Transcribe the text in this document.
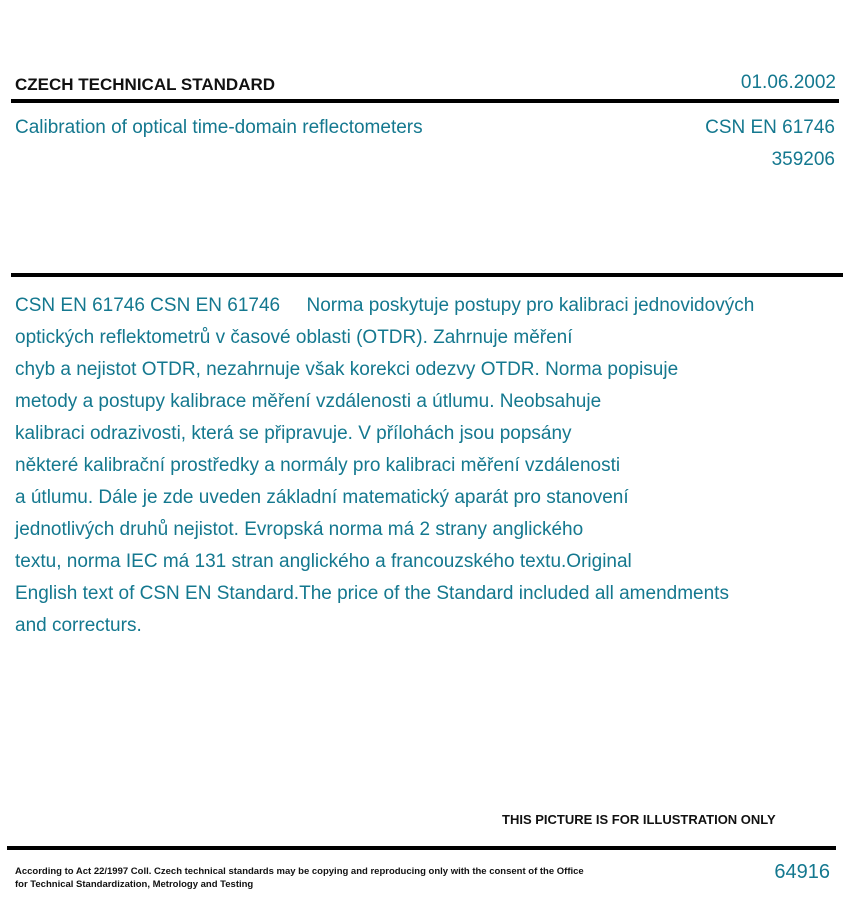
CZECH TECHNICAL STANDARD	01.06.2002
Calibration of optical time-domain reflectometers	CSN EN 61746
359206
CSN EN 61746 CSN EN 61746     Norma poskytuje postupy pro kalibraci jednovidových
optických reflektometrů v časové oblasti (OTDR). Zahrnuje měření
chyb a nejistot OTDR, nezahrnuje však korekci odezvy OTDR. Norma popisuje
metody a postupy kalibrace měření vzdálenosti a útlumu. Neobsahuje
kalibraci odrazivosti, která se připravuje. V přílohách jsou popsány
některé kalibrační prostředky a normály pro kalibraci měření vzdálenosti
a útlumu. Dále je zde uveden základní matematický aparát pro stanovení
jednotlivých druhů nejistot. Evropská norma má 2 strany anglického
textu, norma IEC má 131 stran anglického a francouzského textu.Original
English text of CSN EN Standard.The price of the Standard included all amendments
and correcturs.
THIS PICTURE IS FOR ILLUSTRATION ONLY
According to Act 22/1997 Coll. Czech technical standards may be copying and reproducing only with the consent of the Office
for Technical Standardization, Metrology and Testing
64916
